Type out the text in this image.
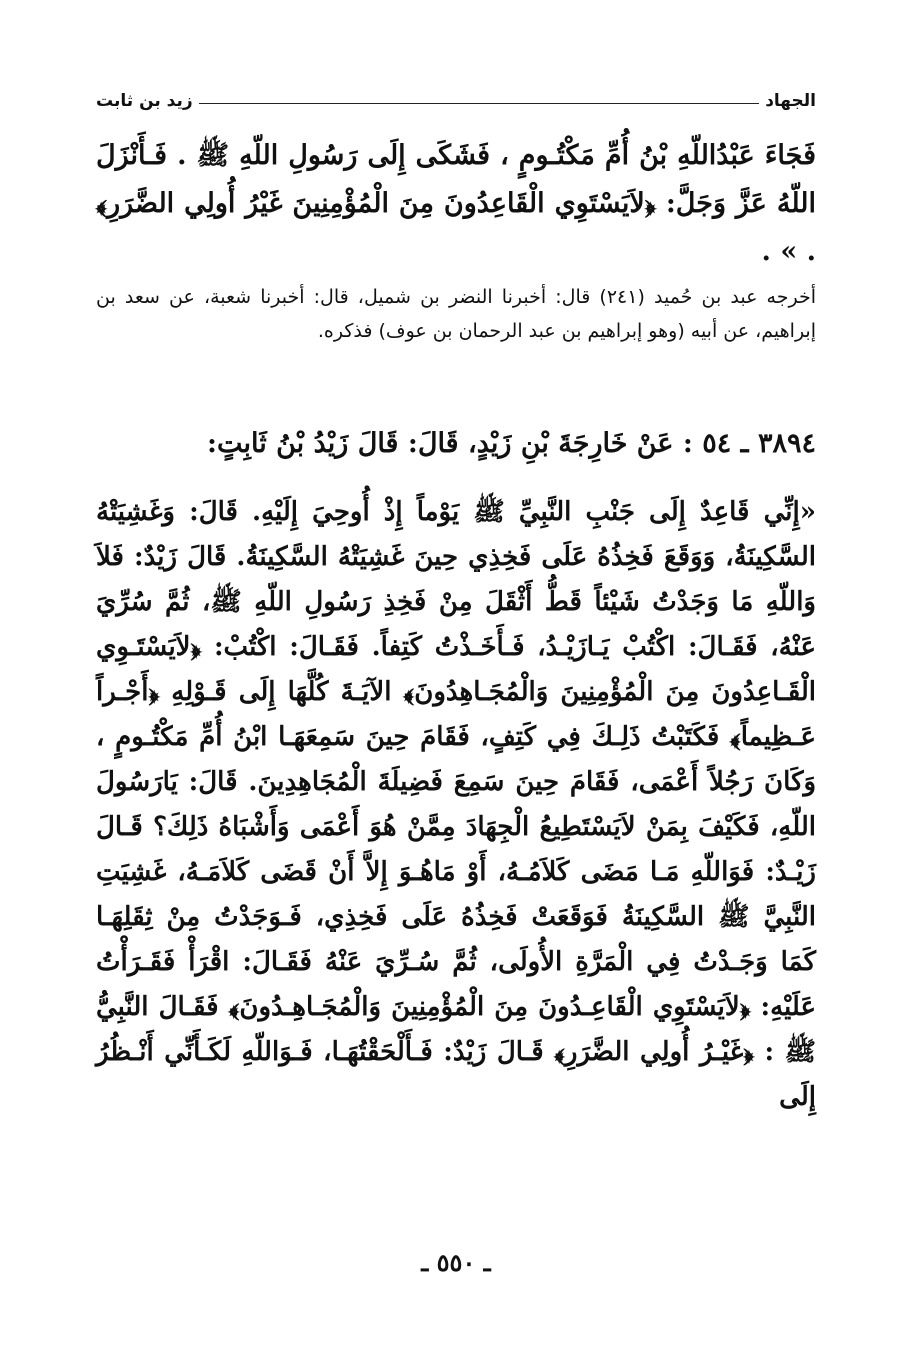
الجهاد
زيد بن ثابت

فَجَاءَ عَبْدُاللّهِ بْنُ أُمِّ مَكْتُـومٍ ، فَشَكَى إِلَى رَسُولِ اللّهِ ﷺ . فَـأَنْزَلَ اللّهُ عَزَّ وَجَلَّ: ﴿لاَيَسْتَوِي الْقَاعِدُونَ مِنَ الْمُؤْمِنِينَ غَيْرُ أُولِي الضَّرَرِ﴾ . » .

أخرجه عبد بن حُميد (٢٤١) قال: أخبرنا النضر بن شميل، قال: أخبرنا شعبة، عن سعد بن إبراهيم، عن أبيه (وهو إبراهيم بن عبد الرحمان بن عوف) فذكره.

٣٨٩٤ ـ ٥٤ : عَنْ خَارِجَةَ بْنِ زَيْدٍ، قَالَ: قَالَ زَيْدُ بْنُ ثَابِتٍ:

«إِنِّي قَاعِدٌ إِلَى جَنْبِ النَّبِيِّ ﷺ يَوْماً إِذْ أُوحِيَ إِلَيْهِ. قَالَ: وَغَشِيَتْهُ السَّكِينَةُ، وَوَقَعَ فَخِذُهُ عَلَى فَخِذِي حِينَ غَشِيَتْهُ السَّكِينَةُ. قَالَ زَيْدٌ: فَلاَ وَاللّهِ مَا وَجَدْتُ شَيْئاً قَطُّ أَثْقَلَ مِنْ فَخِذِ رَسُولِ اللّهِ ﷺ، ثُمَّ سُرِّيَ عَنْهُ، فَقَـالَ: اكْتُبْ يَـازَيْـدُ، فَـأَخَـذْتُ كَتِفاً. فَقَـالَ: اكْتُبْ: ﴿لاَيَسْتَـوِي الْقَـاعِدُونَ مِنَ الْمُؤْمِنِينَ وَالْمُجَـاهِدُونَ﴾ الآيَـةَ كُلَّهَا إِلَى قَـوْلِهِ ﴿أَجْـراً عَـظِيماً﴾ فَكَتَبْتُ ذَلِـكَ فِي كَتِفٍ، فَقَامَ حِينَ سَمِعَهَـا ابْنُ أُمِّ مَكْتُـومٍ ، وَكَانَ رَجُلاً أَعْمَى، فَقَامَ حِينَ سَمِعَ فَضِيلَةَ الْمُجَاهِدِينَ. قَالَ: يَارَسُولَ اللّهِ، فَكَيْفَ بِمَنْ لاَيَسْتَطِيعُ الْجِهَادَ مِمَّنْ هُوَ أَعْمَى وَأَشْبَاهُ ذَلِكَ؟ قَـالَ زَيْـدٌ: فَوَاللّهِ مَـا مَضَى كَلاَمُـهُ، أَوْ مَاهُـوَ إِلاَّ أَنْ قَضَى كَلاَمَـهُ، غَشِيَتِ النَّبِيَّ ﷺ السَّكِينَةُ فَوَقَعَتْ فَخِذُهُ عَلَى فَخِذِي، فَـوَجَدْتُ مِنْ ثِقَلِهَـا كَمَا وَجَـدْتُ فِي الْمَرَّةِ الأُولَى، ثُمَّ سُـرِّيَ عَنْهُ فَقَـالَ: اقْرَأْ فَقَـرَأْتُ عَلَيْهِ: ﴿لاَيَسْتَوِي الْقَاعِـدُونَ مِنَ الْمُؤْمِنِينَ وَالْمُجَـاهِـدُونَ﴾ فَقَـالَ النَّبِيُّ ﷺ : ﴿غَيْـرُ أُولِي الضَّرَرِ﴾ قَـالَ زَيْدٌ: فَـأَلْحَقْتُهَـا، فَـوَاللّهِ لَكَـأَنِّي أَنْـظُرُ إِلَى

ـ ٥٥٠ ـ
